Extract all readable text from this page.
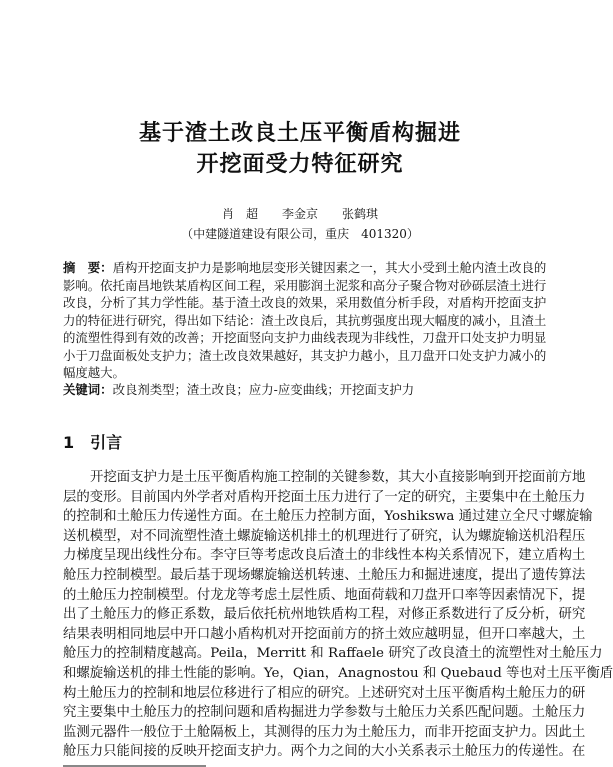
基于渣土改良土压平衡盾构掘进
开挖面受力特征研究
肖　超　　李金京　　张鹤琪
（中建隧道建设有限公司，重庆　401320）
摘　要：盾构开挖面支护力是影响地层变形关键因素之一，其大小受到土舱内渣土改良的
影响。依托南昌地铁某盾构区间工程，采用膨润土泥浆和高分子聚合物对砂砾层渣土进行
改良，分析了其力学性能。基于渣土改良的效果，采用数值分析手段，对盾构开挖面支护
力的特征进行研究，得出如下结论：渣土改良后，其抗剪强度出现大幅度的减小，且渣土
的流塑性得到有效的改善；开挖面竖向支护力曲线表现为非线性，刀盘开口处支护力明显
小于刀盘面板处支护力；渣土改良效果越好，其支护力越小，且刀盘开口处支护力减小的
幅度越大。
关键词：改良剂类型；渣土改良；应力-应变曲线；开挖面支护力
1 引言
开挖面支护力是土压平衡盾构施工控制的关键参数，其大小直接影响到开挖面前方地
层的变形。目前国内外学者对盾构开挖面土压力进行了一定的研究，主要集中在土舱压力
的控制和土舱压力传递性方面。在土舱压力控制方面，Yoshikswa 通过建立全尺寸螺旋输
送机模型，对不同流塑性渣土螺旋输送机排土的机理进行了研究，认为螺旋输送机沿程压
力梯度呈现出线性分布。李守巨等考虑改良后渣土的非线性本构关系情况下，建立盾构土
舱压力控制模型。最后基于现场螺旋输送机转速、土舱压力和掘进速度，提出了遗传算法
的土舱压力控制模型。付龙龙等考虑土层性质、地面荷载和刀盘开口率等因素情况下，提
出了土舱压力的修正系数，最后依托杭州地铁盾构工程，对修正系数进行了反分析，研究
结果表明相同地层中开口越小盾构机对开挖面前方的挤土效应越明显，但开口率越大，土
舱压力的控制精度越高。Peila，Merritt 和 Raffaele 研究了改良渣土的流塑性对土舱压力
和螺旋输送机的排土性能的影响。Ye，Qian，Anagnostou 和 Quebaud 等也对土压平衡盾
构土舱压力的控制和地层位移进行了相应的研究。上述研究对土压平衡盾构土舱压力的研
究主要集中土舱压力的控制问题和盾构掘进力学参数与土舱压力关系匹配问题。土舱压力
监测元器件一般位于土舱隔板上，其测得的压力为土舱压力，而非开挖面支护力。因此土
舱压力只能间接的反映开挖面支护力。两个力之间的大小关系表示土舱压力的传递性。在
